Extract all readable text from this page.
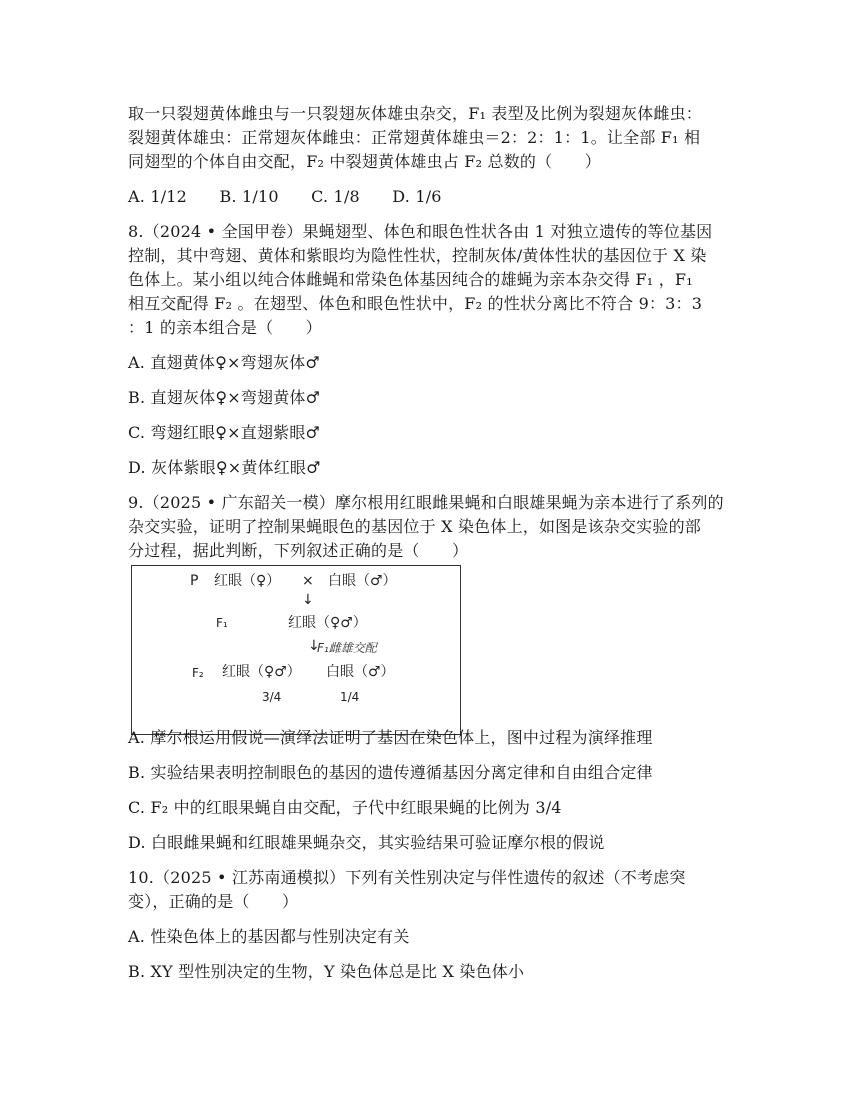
取一只裂翅黄体雌虫与一只裂翅灰体雄虫杂交，F₁ 表型及比例为裂翅灰体雌虫：
裂翅黄体雄虫：正常翅灰体雌虫：正常翅黄体雄虫＝2：2：1：1。让全部 F₁ 相
同翅型的个体自由交配，F₂ 中裂翅黄体雄虫占 F₂ 总数的（　　）
A. 1/12　　B. 1/10　　C. 1/8　　D. 1/6
8.（2024 • 全国甲卷）果蝇翅型、体色和眼色性状各由 1 对独立遗传的等位基因
控制，其中弯翅、黄体和紫眼均为隐性性状，控制灰体/黄体性状的基因位于 X 染
色体上。某小组以纯合体雌蝇和常染色体基因纯合的雄蝇为亲本杂交得 F₁ ，F₁
相互交配得 F₂ 。在翅型、体色和眼色性状中，F₂ 的性状分离比不符合 9：3：3
：1 的亲本组合是（　　）
A. 直翅黄体♀×弯翅灰体♂
B. 直翅灰体♀×弯翅黄体♂
C. 弯翅红眼♀×直翅紫眼♂
D. 灰体紫眼♀×黄体红眼♂
9.（2025 • 广东韶关一模）摩尔根用红眼雌果蝇和白眼雄果蝇为亲本进行了系列的
杂交实验，证明了控制果蝇眼色的基因位于 X 染色体上，如图是该杂交实验的部
分过程，据此判断，下列叙述正确的是（　　）
P 红眼（♀） × 白眼（♂）
↓
F₁	红眼（♀♂）
↓
F₁雌雄交配
F₂ 红眼（♀♂） 白眼（♂）
3/4	1/4
A. 摩尔根运用假说—演绎法证明了基因在染色体上，图中过程为演绎推理
B. 实验结果表明控制眼色的基因的遗传遵循基因分离定律和自由组合定律
C. F₂ 中的红眼果蝇自由交配，子代中红眼果蝇的比例为 3/4
D. 白眼雌果蝇和红眼雄果蝇杂交，其实验结果可验证摩尔根的假说
10.（2025 • 江苏南通模拟）下列有关性别决定与伴性遗传的叙述（不考虑突
变），正确的是（　　）
A. 性染色体上的基因都与性别决定有关
B. XY 型性别决定的生物，Y 染色体总是比 X 染色体小
